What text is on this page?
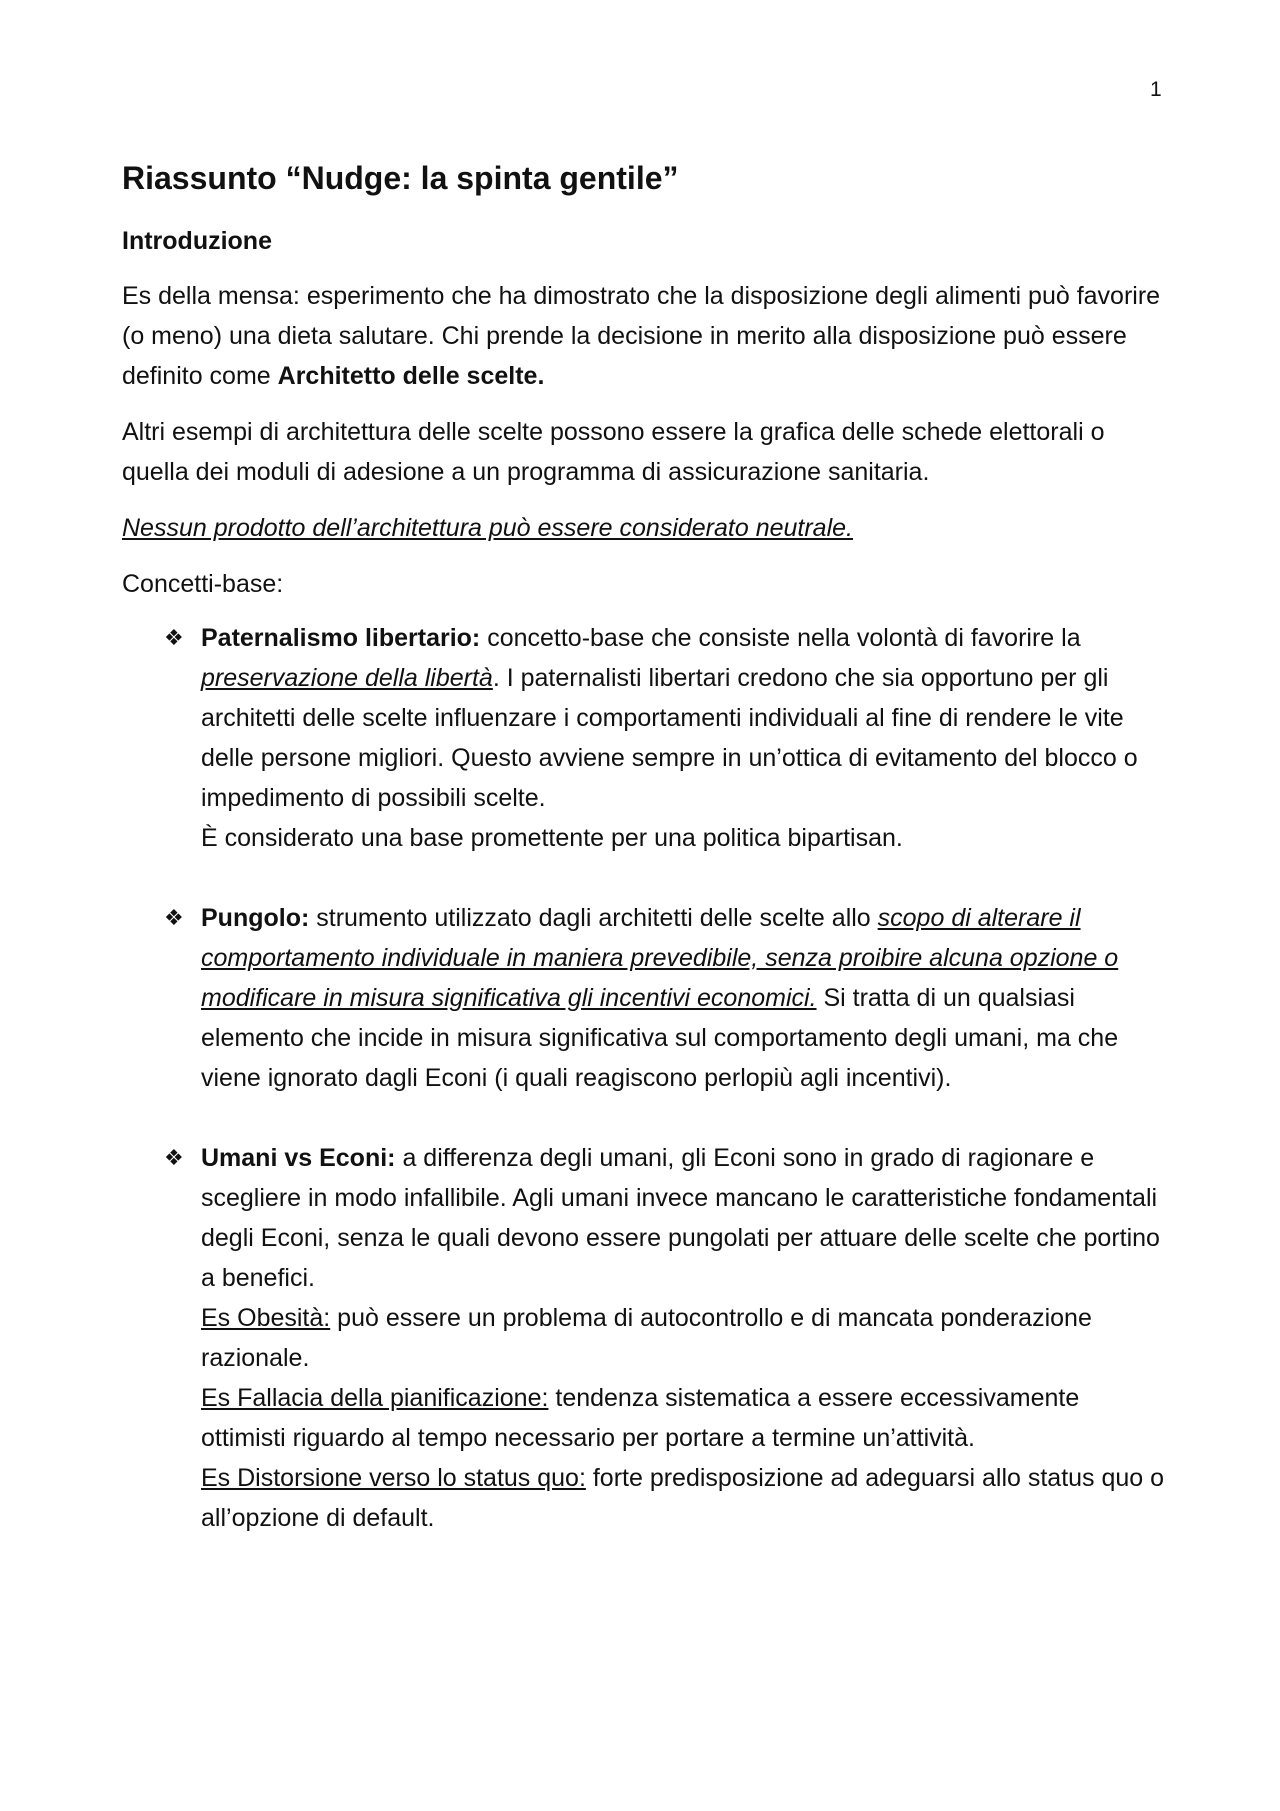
1
Riassunto “Nudge: la spinta gentile”
Introduzione

Es della mensa: esperimento che ha dimostrato che la disposizione degli alimenti può favorire (o meno) una dieta salutare. Chi prende la decisione in merito alla disposizione può essere definito come Architetto delle scelte.

Altri esempi di architettura delle scelte possono essere la grafica delle schede elettorali o quella dei moduli di adesione a un programma di assicurazione sanitaria.

Nessun prodotto dell’architettura può essere considerato neutrale.

Concetti-base:

❖ Paternalismo libertario: concetto-base che consiste nella volontà di favorire la preservazione della libertà. I paternalisti libertari credono che sia opportuno per gli architetti delle scelte influenzare i comportamenti individuali al fine di rendere le vite delle persone migliori. Questo avviene sempre in un’ottica di evitamento del blocco o impedimento di possibili scelte.
È considerato una base promettente per una politica bipartisan.
❖ Pungolo: strumento utilizzato dagli architetti delle scelte allo scopo di alterare il comportamento individuale in maniera prevedibile, senza proibire alcuna opzione o modificare in misura significativa gli incentivi economici. Si tratta di un qualsiasi elemento che incide in misura significativa sul comportamento degli umani, ma che viene ignorato dagli Econi (i quali reagiscono perlopiù agli incentivi).
❖ Umani vs Econi: a differenza degli umani, gli Econi sono in grado di ragionare e scegliere in modo infallibile. Agli umani invece mancano le caratteristiche fondamentali degli Econi, senza le quali devono essere pungolati per attuare delle scelte che portino a benefici.
Es Obesità: può essere un problema di autocontrollo e di mancata ponderazione razionale.
Es Fallacia della pianificazione: tendenza sistematica a essere eccessivamente ottimisti riguardo al tempo necessario per portare a termine un’attività.
Es Distorsione verso lo status quo: forte predisposizione ad adeguarsi allo status quo o all’opzione di default.
